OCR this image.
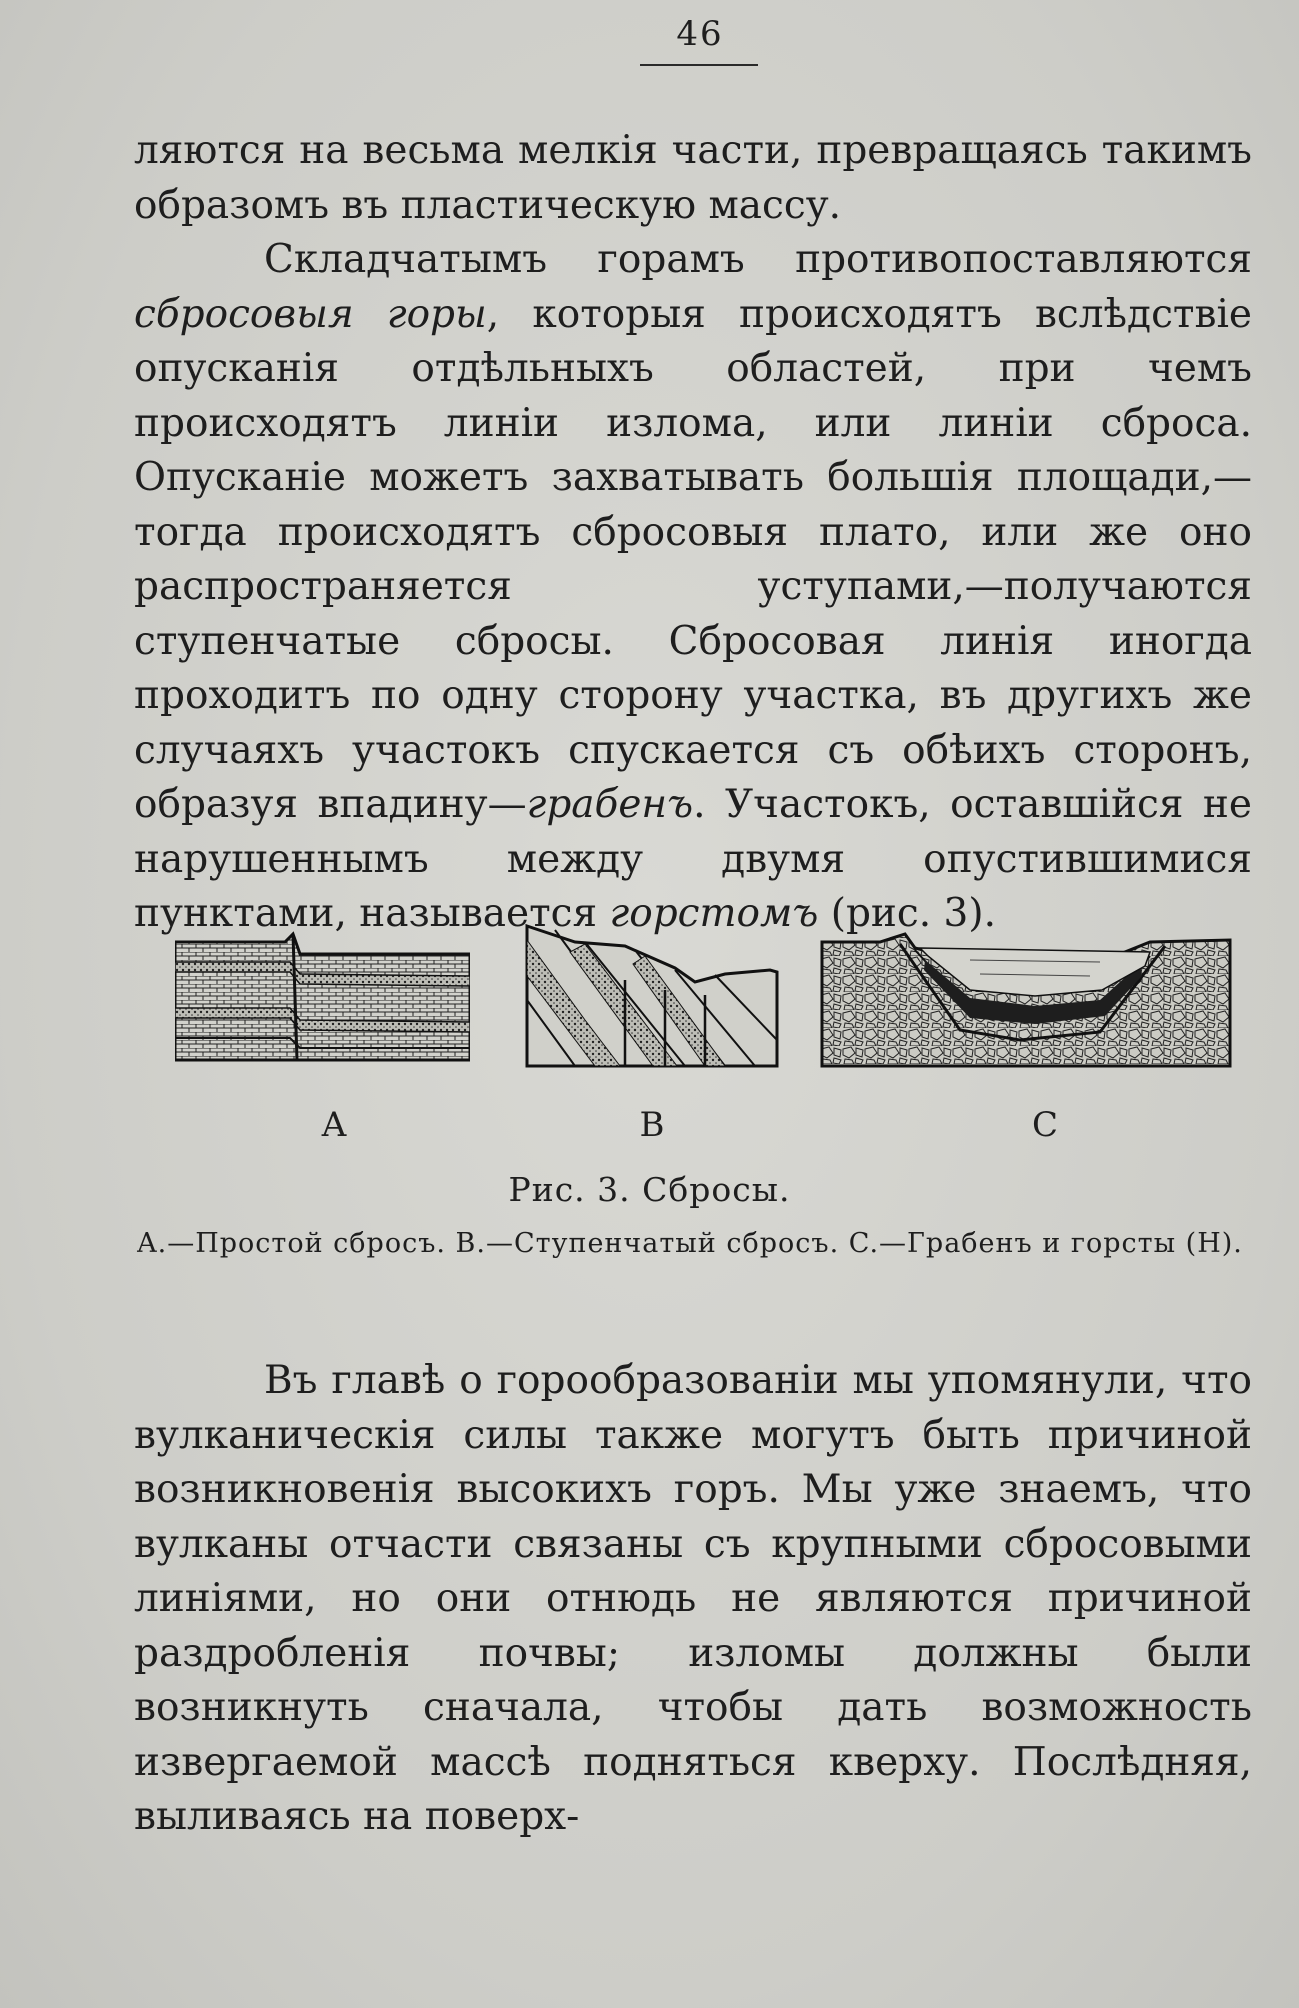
46

ляются на весьма мелкія части, превращаясь такимъ образомъ въ пластическую массу.

Складчатымъ горамъ противопоставляются сбросовыя горы, которыя происходятъ вслѣдствіе опусканія отдѣльныхъ областей, при чемъ происходятъ линіи излома, или линіи сброса. Опусканіе можетъ захватывать большія площади,—тогда происходятъ сбросовыя плато, или же оно распространяется уступами,—получаются ступенчатые сбросы. Сбросовая линія иногда проходитъ по одну сторону участка, въ другихъ же случаяхъ участокъ спускается съ обѣихъ сторонъ, образуя впадину—грабенъ. Участокъ, оставшійся не нарушеннымъ между двумя опустившимися пунктами, называется горстомъ (рис. 3).

A	B	C
Рис. 3. Сбросы.
A.—Простой сбросъ. B.—Ступенчатый сбросъ. C.—Грабенъ и горсты (H).

Въ главѣ о горообразованіи мы упомянули, что вулканическія силы также могутъ быть причиной возникновенія высокихъ горъ. Мы уже знаемъ, что вулканы отчасти связаны съ крупными сбросовыми линіями, но они отнюдь не являются причиной раздробленія почвы; изломы должны были возникнуть сначала, чтобы дать возможность извергаемой массѣ подняться кверху. Послѣдняя, выливаясь на поверх-
